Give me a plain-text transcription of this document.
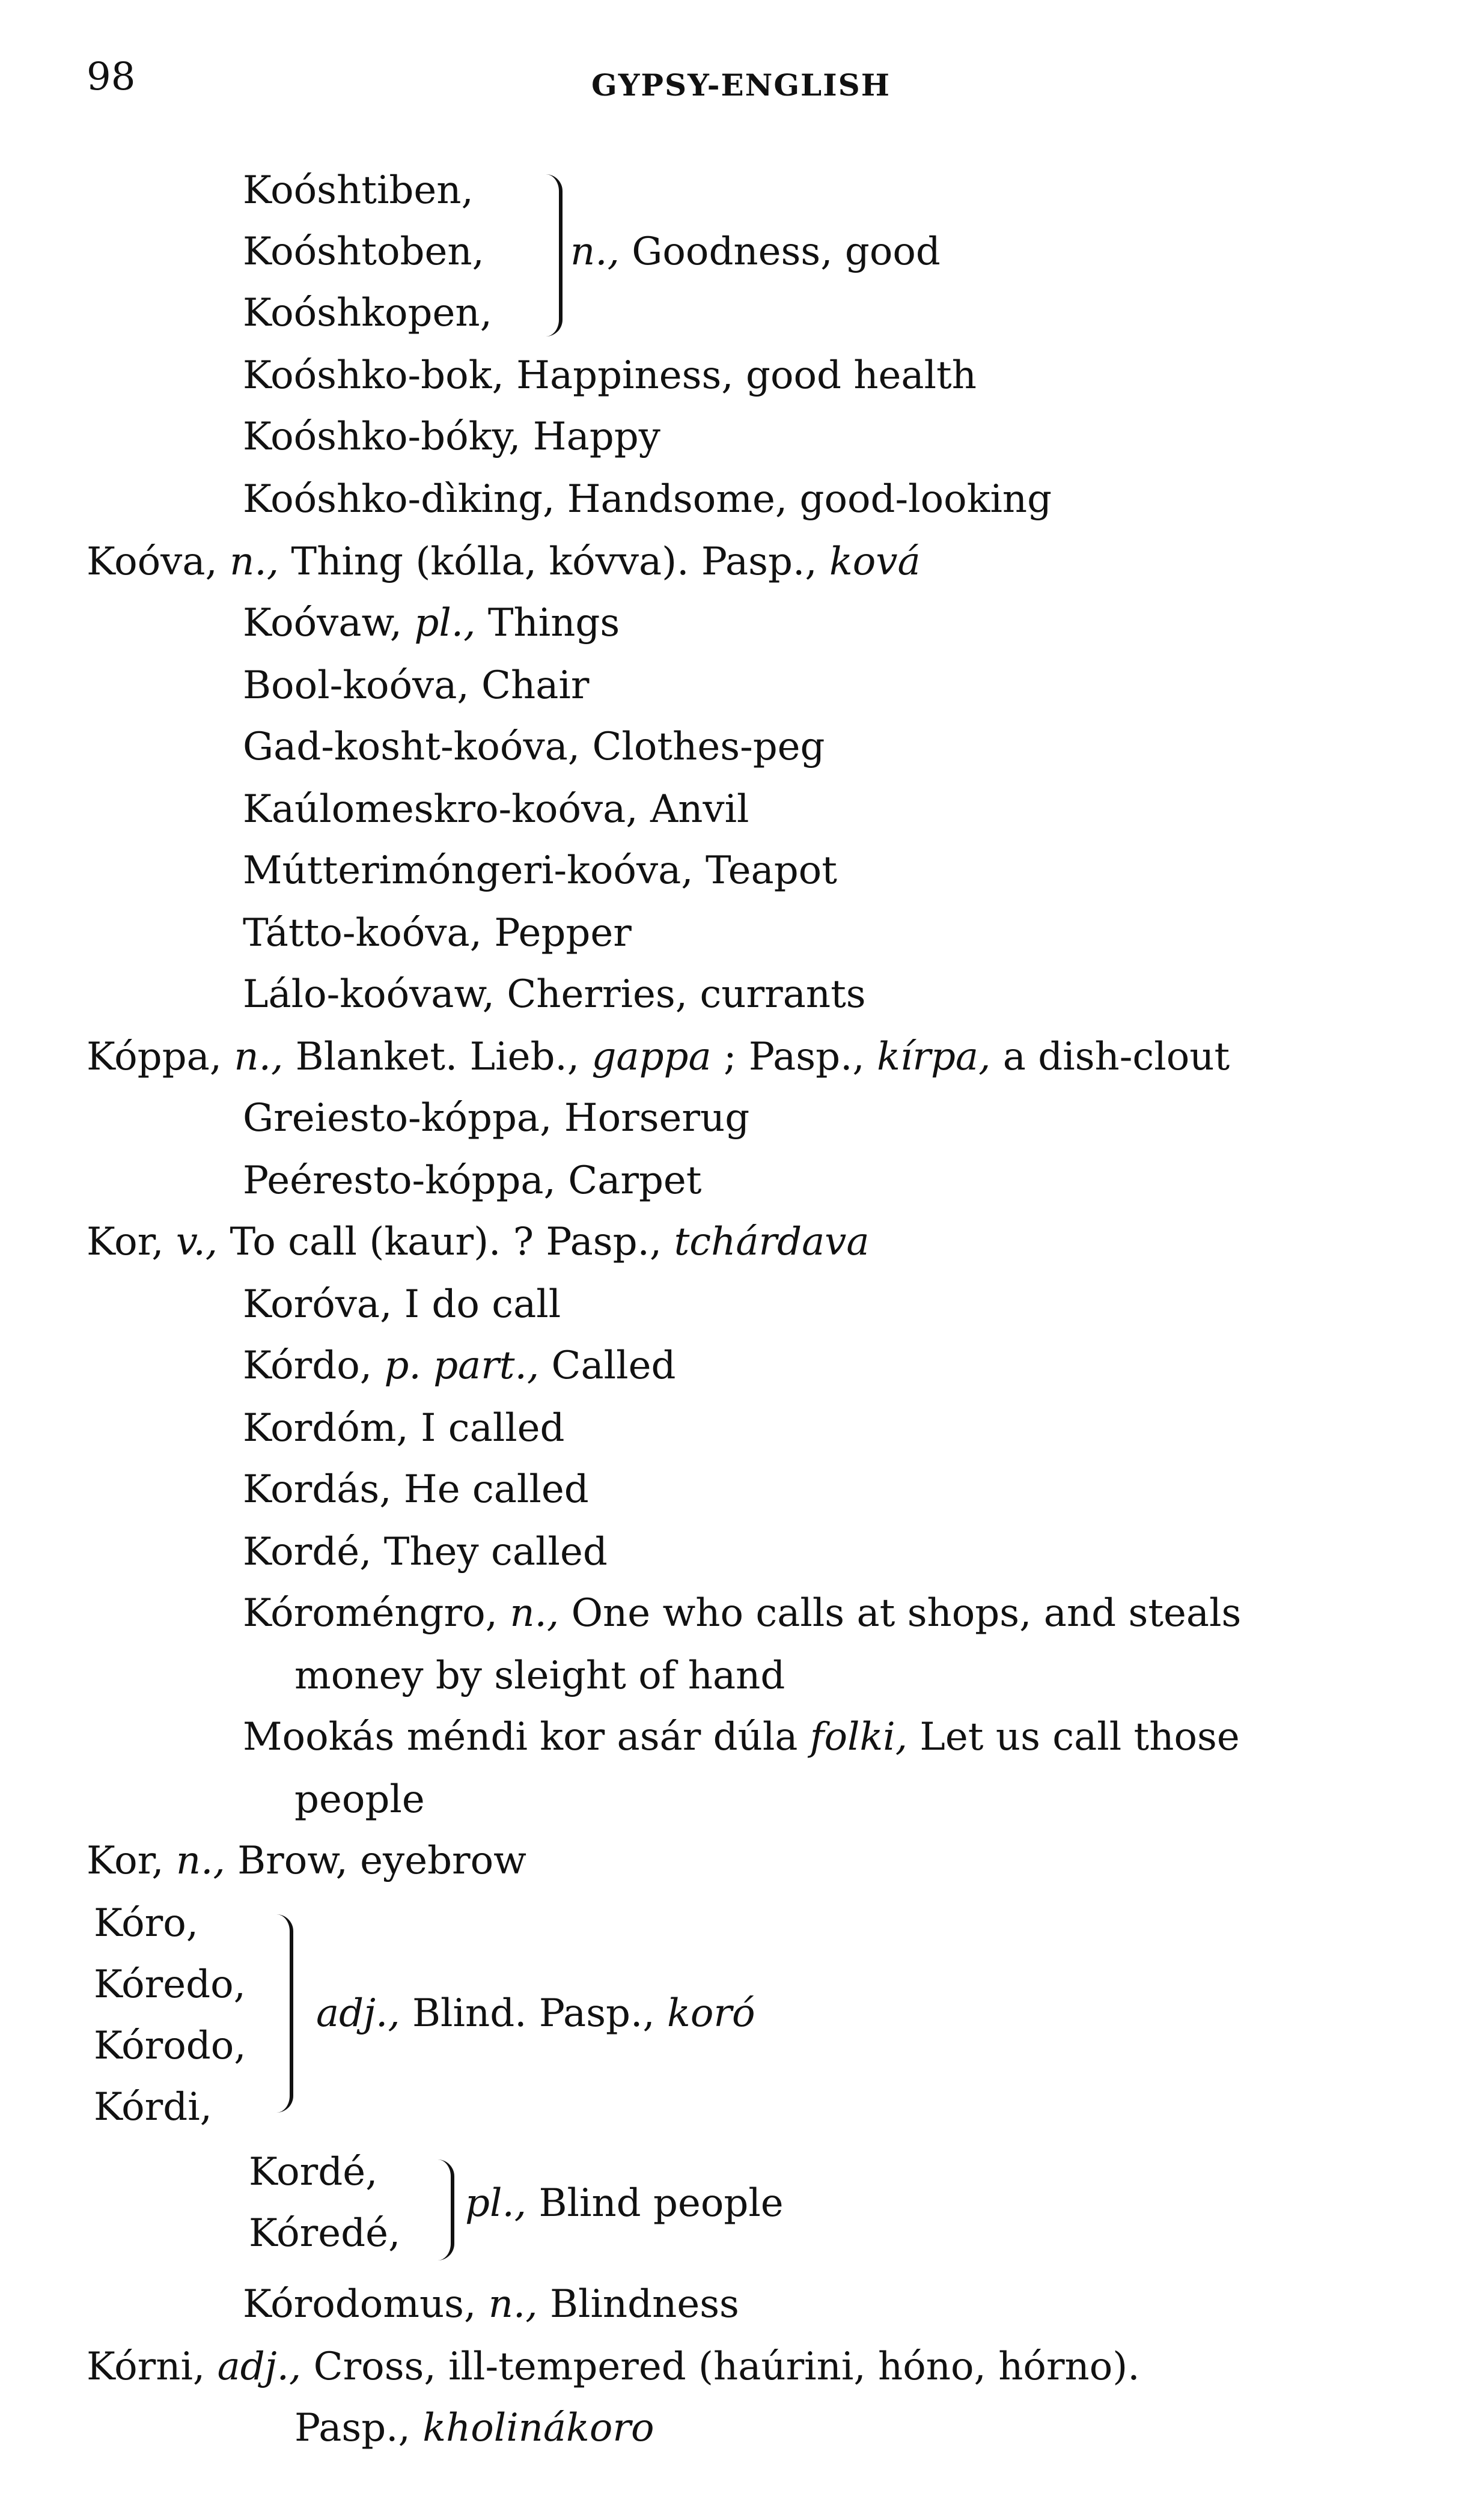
98	GYPSY-ENGLISH
Koóshtiben,
Koóshtoben,
Koóshkopen,
n., Goodness, good
Koóshko-bok, Happiness, good health
Koóshko-bóky, Happy
Koóshko-dìking, Handsome, good-looking
Koóva, n., Thing (kólla, kóvva). Pasp., ková
Koóvaw, pl., Things
Bool-koóva, Chair
Gad-kosht-koóva, Clothes-peg
Kaúlomeskro-koóva, Anvil
Mútterimóngeri-koóva, Teapot
Tátto-koóva, Pepper
Lálo-koóvaw, Cherries, currants
Kóppa, n., Blanket. Lieb., gappa ; Pasp., kírpa, a dish-clout
Greiesto-kóppa, Horserug
Peéresto-kóppa, Carpet
Kor, v., To call (kaur). ? Pasp., tchárdava
Koróva, I do call
Kórdo, p. part., Called
Kordóm, I called
Kordás, He called
Kordé, They called
Kóroméngro, n., One who calls at shops, and steals
money by sleight of hand
Mookás méndi kor asár dúla folki, Let us call those
people
Kor, n., Brow, eyebrow
Kórodomus, n., Blindness
Kórni, adj., Cross, ill-tempered (haúrini, hóno, hórno).
Pasp., kholinákoro
Kóro,
Kóredo,
Kórodo,
Kórdi,
adj., Blind. Pasp., koró
Kordé,
Kóredé,
pl., Blind people
